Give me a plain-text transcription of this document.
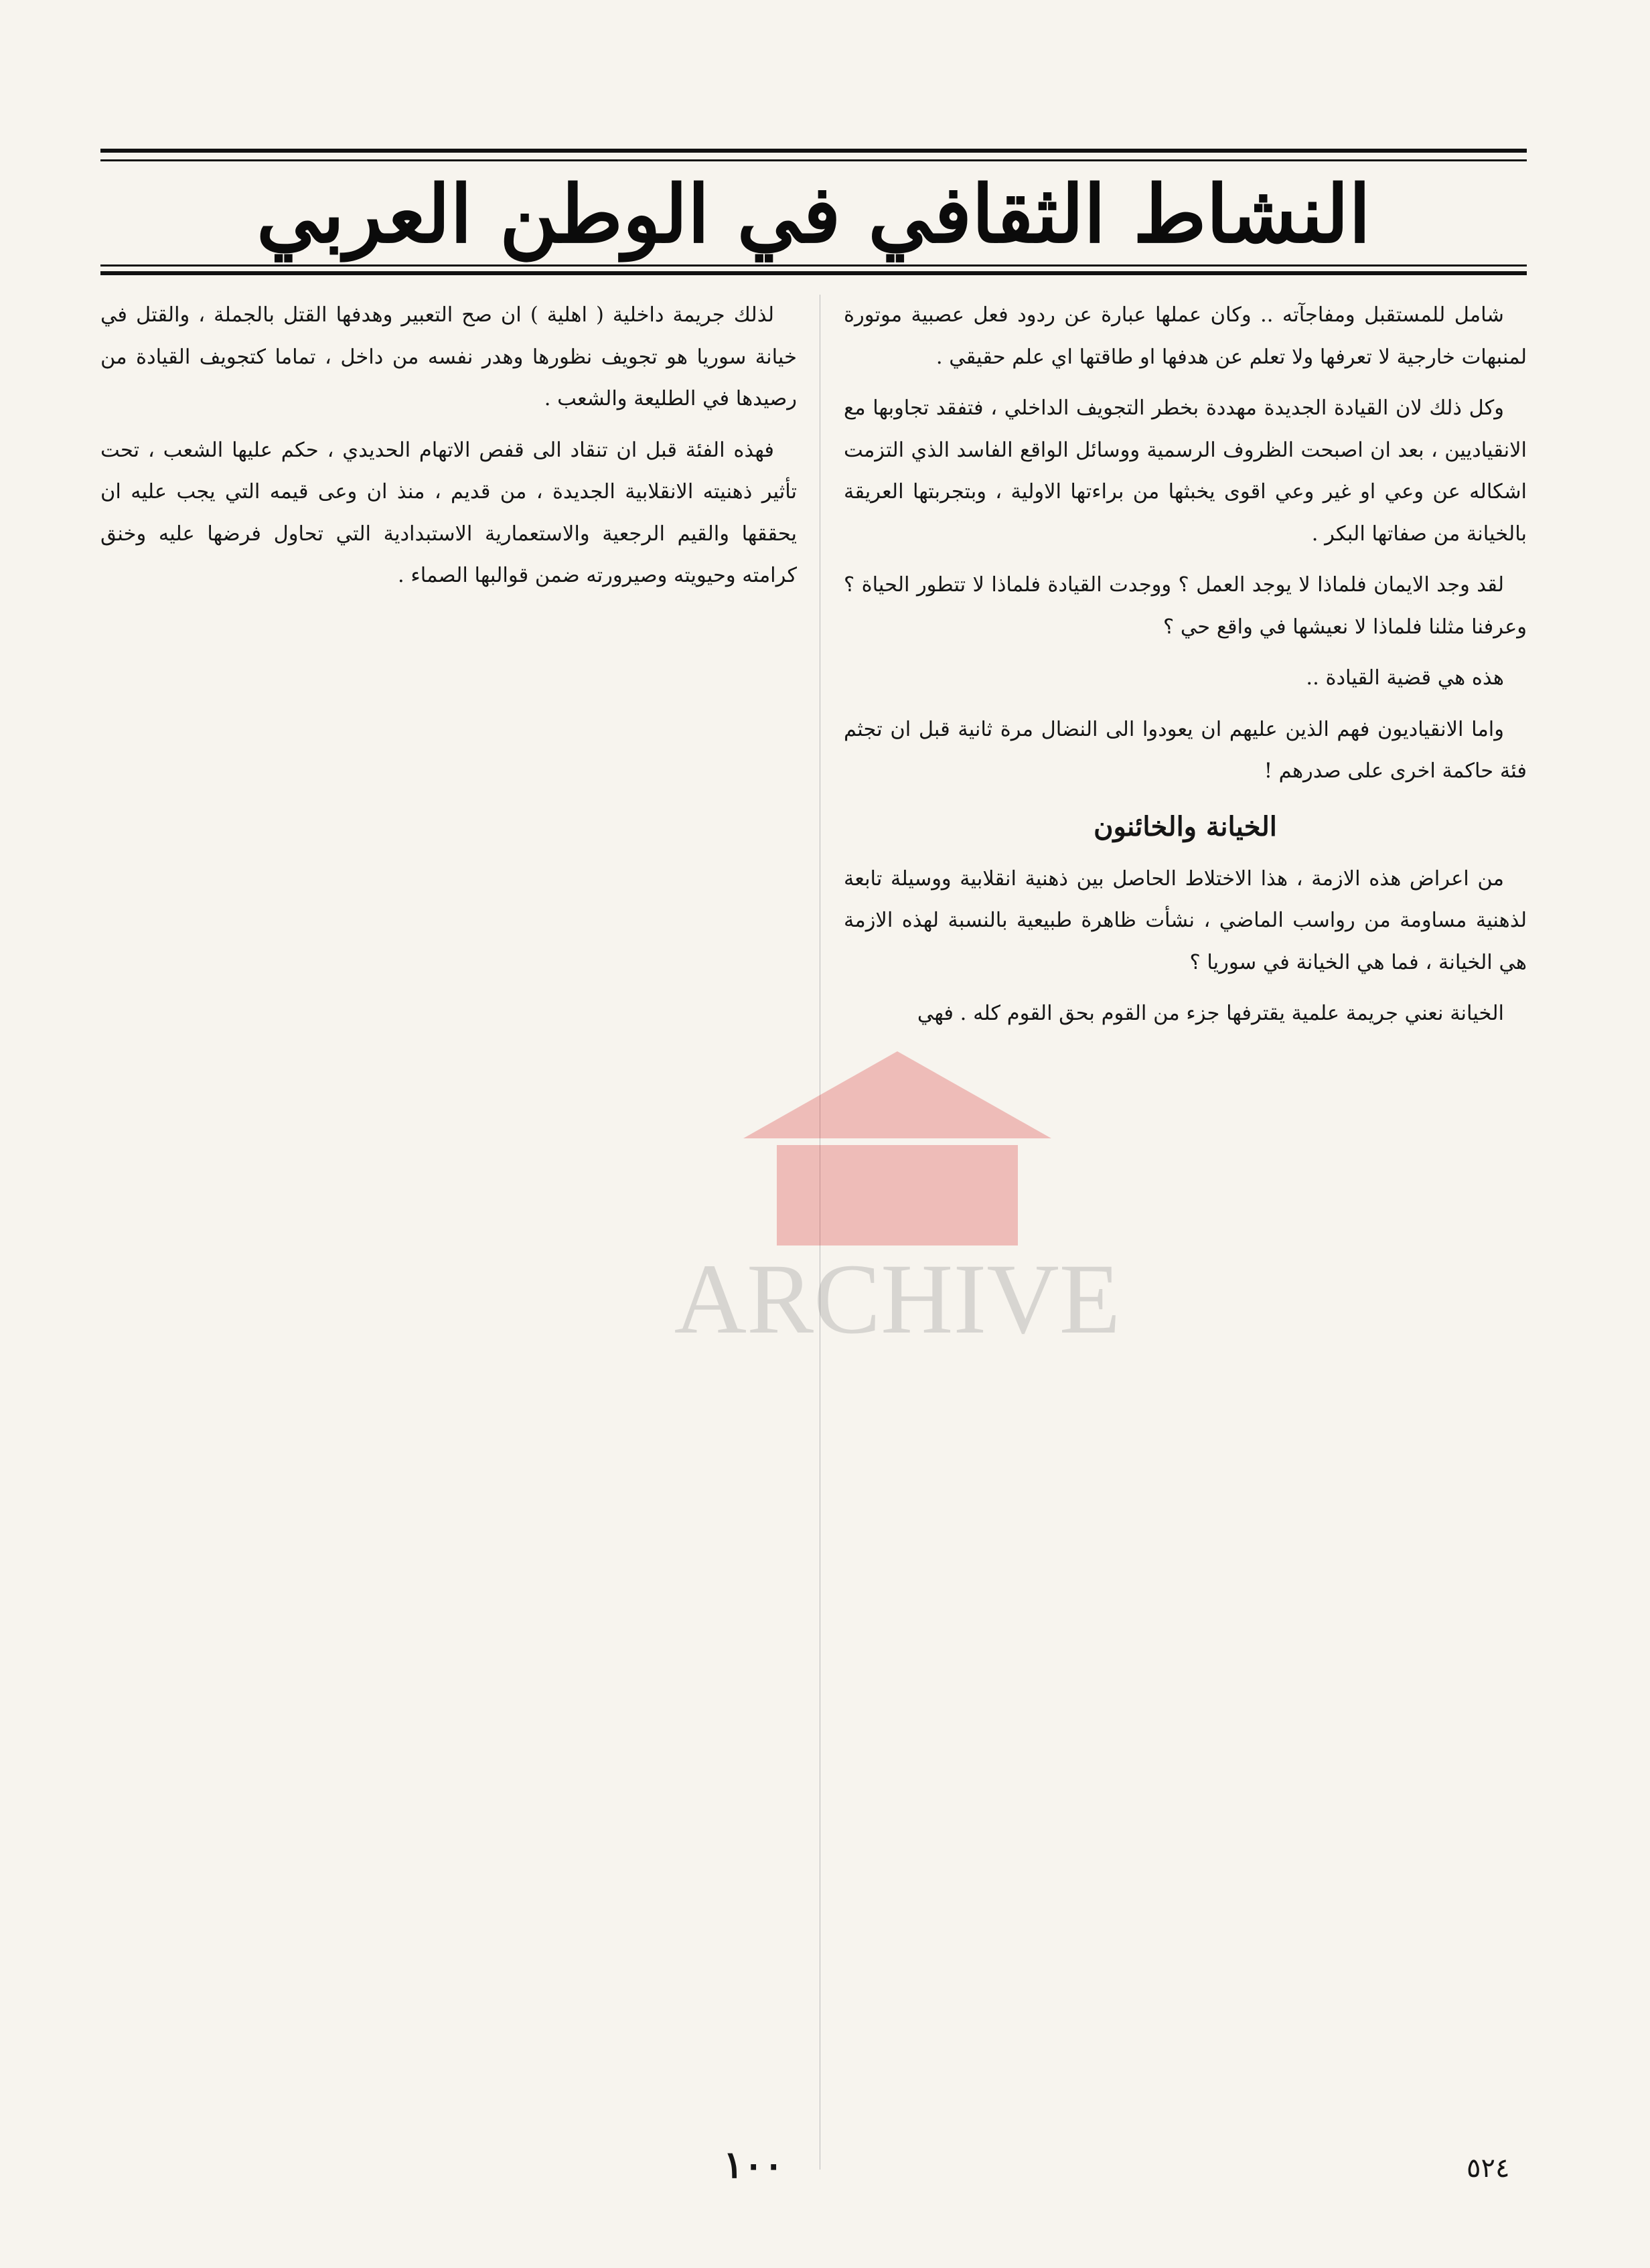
النشاط الثقافي في الوطن العربي

شامل للمستقبل ومفاجآته .. وكان عملها عبارة عن ردود فعل عصبية موتورة لمنبهات خارجية لا تعرفها ولا تعلم عن هدفها او طاقتها اي علم حقيقي .

وكل ذلك لان القيادة الجديدة مهددة بخطر التجويف الداخلي ، فتفقد تجاوبها مع الانقياديين ، بعد ان اصبحت الظروف الرسمية ووسائل الواقع الفاسد الذي التزمت اشكاله عن وعي او غير وعي اقوى يخبثها من براءتها الاولية ، وبتجربتها العريقة بالخيانة من صفاتها البكر .

لقد وجد الايمان فلماذا لا يوجد العمل ؟ ووجدت القيادة فلماذا لا تتطور الحياة ؟ وعرفنا مثلنا فلماذا لا نعيشها في واقع حي ؟

هذه هي قضية القيادة ..

واما الانقياديون فهم الذين عليهم ان يعودوا الى النضال مرة ثانية قبل ان تجثم فئة حاكمة اخرى على صدرهم !

الخيانة والخائنون

من اعراض هذه الازمة ، هذا الاختلاط الحاصل بين ذهنية انقلابية ووسيلة تابعة لذهنية مساومة من رواسب الماضي ، نشأت ظاهرة طبيعية بالنسبة لهذه الازمة هي الخيانة ، فما هي الخيانة في سوريا ؟

الخيانة نعني جريمة علمية يقترفها جزء من القوم بحق القوم كله . فهي

لذلك جريمة داخلية ( اهلية ) ان صح التعبير وهدفها القتل بالجملة ، والقتل في خيانة سوريا هو تجويف نظورها وهدر نفسه من داخل ، تماما كتجويف القيادة من رصيدها في الطليعة والشعب .

فهذه الفئة قبل ان تنقاد الى قفص الاتهام الحديدي ، حكم عليها الشعب ، تحت تأثير ذهنيته الانقلابية الجديدة ، من قديم ، منذ ان وعى قيمه التي يجب عليه ان يحققها والقيم الرجعية والاستعمارية الاستبدادية التي تحاول فرضها عليه وخنق كرامته وحيويته وصيرورته ضمن قوالبها الصماء .

ARCHIVE
١٠٠	٥٢٤
